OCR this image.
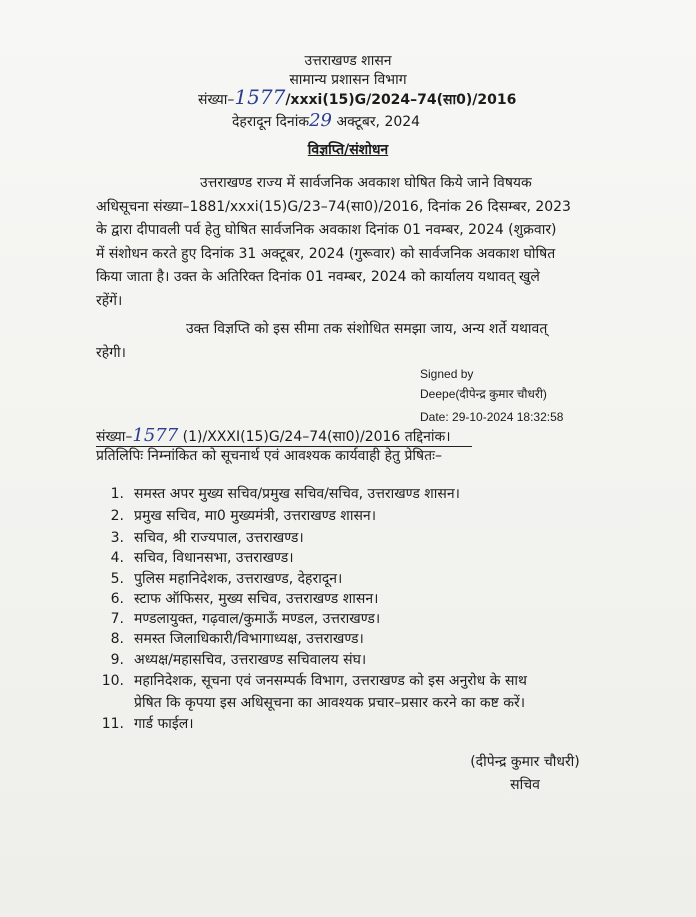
उत्तराखण्ड शासन
सामान्य प्रशासन विभाग
संख्या–1577/xxxi(15)G/2024–74(सा0)/2016
देहरादून दिनांक29 अक्टूबर, 2024
विज्ञप्ति/संशोधन
उत्तराखण्ड राज्य में सार्वजनिक अवकाश घोषित किये जाने विषयक
अधिसूचना संख्या–1881/xxxi(15)G/23–74(सा0)/2016, दिनांक 26 दिसम्बर, 2023
के द्वारा दीपावली पर्व हेतु घोषित सार्वजनिक अवकाश दिनांक 01 नवम्बर, 2024 (शुक्रवार)
में संशोधन करते हुए दिनांक 31 अक्टूबर, 2024 (गुरूवार) को सार्वजनिक अवकाश घोषित
किया जाता है। उक्त के अतिरिक्त दिनांक 01 नवम्बर, 2024 को कार्यालय यथावत् खुले
रहेंगें।
उक्त विज्ञप्ति को इस सीमा तक संशोधित समझा जाय, अन्य शर्ते यथावत्
रहेगी।
Signed by
Deepe(दीपेन्द्र कुमार चौधरी)
Date: 29-10-2024 18:32:58
संख्या–1577 (1)/XXXI(15)G/24–74(सा0)/2016 तद्दिनांक।
प्रतिलिपिः निम्नांकित को सूचनार्थ एवं आवश्यक कार्यवाही हेतु प्रेषितः–
1. समस्त अपर मुख्य सचिव/प्रमुख सचिव/सचिव, उत्तराखण्ड शासन।
2. प्रमुख सचिव, मा0 मुख्यमंत्री, उत्तराखण्ड शासन।
3. सचिव, श्री राज्यपाल, उत्तराखण्ड।
4. सचिव, विधानसभा, उत्तराखण्ड।
5. पुलिस महानिदेशक, उत्तराखण्ड, देहरादून।
6. स्टाफ ऑफिसर, मुख्य सचिव, उत्तराखण्ड शासन।
7. मण्डलायुक्त, गढ़वाल/कुमाऊँ मण्डल, उत्तराखण्ड।
8. समस्त जिलाधिकारी/विभागाध्यक्ष, उत्तराखण्ड।
9. अध्यक्ष/महासचिव, उत्तराखण्ड सचिवालय संघ।
10. महानिदेशक, सूचना एवं जनसम्पर्क विभाग, उत्तराखण्ड को इस अनुरोध के साथ
प्रेषित कि कृपया इस अधिसूचना का आवश्यक प्रचार–प्रसार करने का कष्ट करें।
11. गार्ड फाईल।
(दीपेन्द्र कुमार चौधरी)
सचिव
